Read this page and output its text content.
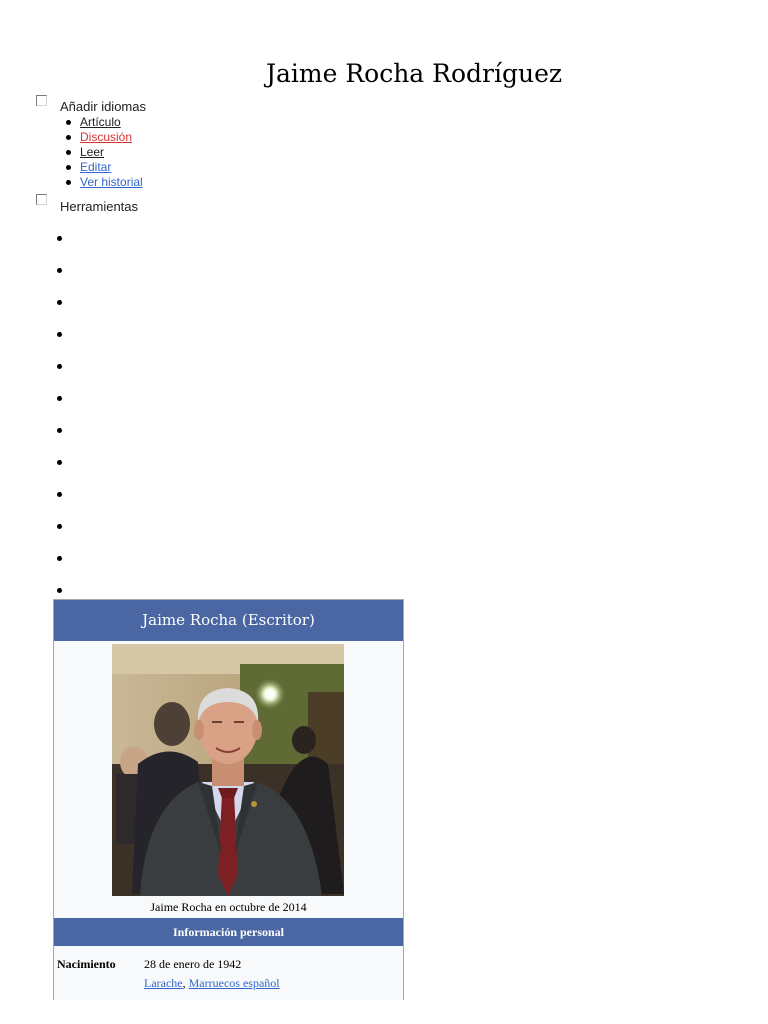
Jaime Rocha Rodríguez
Añadir idiomas
Artículo
Discusión
Leer
Editar
Ver historial
Herramientas
Jaime Rocha (Escritor)
Jaime Rocha en octubre de 2014
Información personal
Nacimiento 28 de enero de 1942
Larache, Marruecos español
